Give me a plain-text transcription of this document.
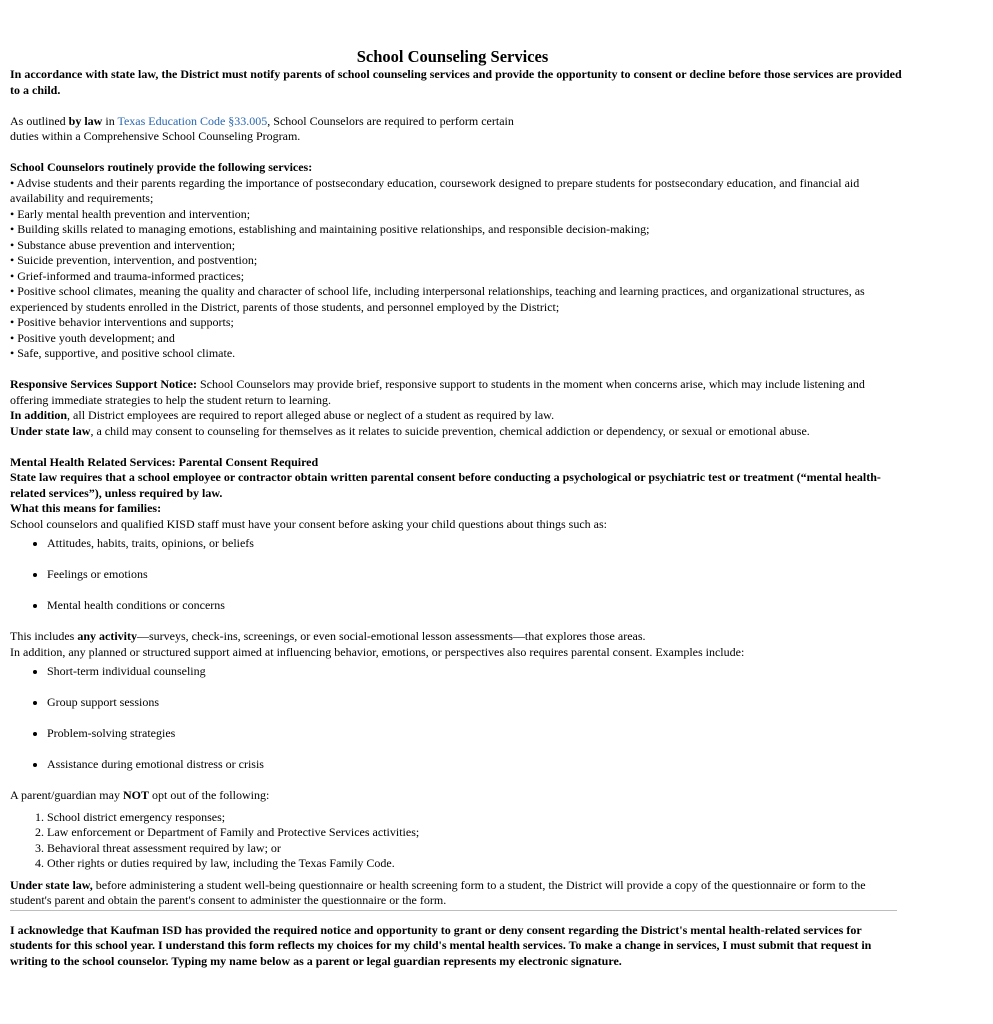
School Counseling Services

In accordance with state law, the District must notify parents of school counseling services and provide the opportunity to consent or decline before those services are provided to a child.

As outlined by law in Texas Education Code §33.005, School Counselors are required to perform certain
duties within a Comprehensive School Counseling Program.

School Counselors routinely provide the following services:

• Advise students and their parents regarding the importance of postsecondary education, coursework designed to prepare students for postsecondary education, and financial aid availability and requirements;

• Early mental health prevention and intervention;

• Building skills related to managing emotions, establishing and maintaining positive relationships, and responsible decision-making;

• Substance abuse prevention and intervention;

• Suicide prevention, intervention, and postvention;

• Grief-informed and trauma-informed practices;

• Positive school climates, meaning the quality and character of school life, including interpersonal relationships, teaching and learning practices, and organizational structures, as experienced by students enrolled in the District, parents of those students, and personnel employed by the District;

• Positive behavior interventions and supports;

• Positive youth development; and

• Safe, supportive, and positive school climate.

Responsive Services Support Notice: School Counselors may provide brief, responsive support to students in the moment when concerns arise, which may include listening and offering immediate strategies to help the student return to learning.

In addition, all District employees are required to report alleged abuse or neglect of a student as required by law.

Under state law, a child may consent to counseling for themselves as it relates to suicide prevention, chemical addiction or dependency, or sexual or emotional abuse.

Mental Health Related Services: Parental Consent Required

State law requires that a school employee or contractor obtain written parental consent before conducting a psychological or psychiatric test or treatment (“mental health-related services”), unless required by law.

What this means for families:

School counselors and qualified KISD staff must have your consent before asking your child questions about things such as:

• Attitudes, habits, traits, opinions, or beliefs
• Feelings or emotions
• Mental health conditions or concerns

This includes any activity—surveys, check-ins, screenings, or even social-emotional lesson assessments—that explores those areas.

In addition, any planned or structured support aimed at influencing behavior, emotions, or perspectives also requires parental consent. Examples include:

• Short-term individual counseling
• Group support sessions
• Problem-solving strategies
• Assistance during emotional distress or crisis

A parent/guardian may NOT opt out of the following:

1. School district emergency responses;
2. Law enforcement or Department of Family and Protective Services activities;
3. Behavioral threat assessment required by law; or
4. Other rights or duties required by law, including the Texas Family Code.

Under state law, before administering a student well-being questionnaire or health screening form to a student, the District will provide a copy of the questionnaire or form to the student's parent and obtain the parent's consent to administer the questionnaire or the form.

I acknowledge that Kaufman ISD has provided the required notice and opportunity to grant or deny consent regarding the District's mental health-related services for students for this school year. I understand this form reflects my choices for my child's mental health services. To make a change in services, I must submit that request in writing to the school counselor. Typing my name below as a parent or legal guardian represents my electronic signature.
